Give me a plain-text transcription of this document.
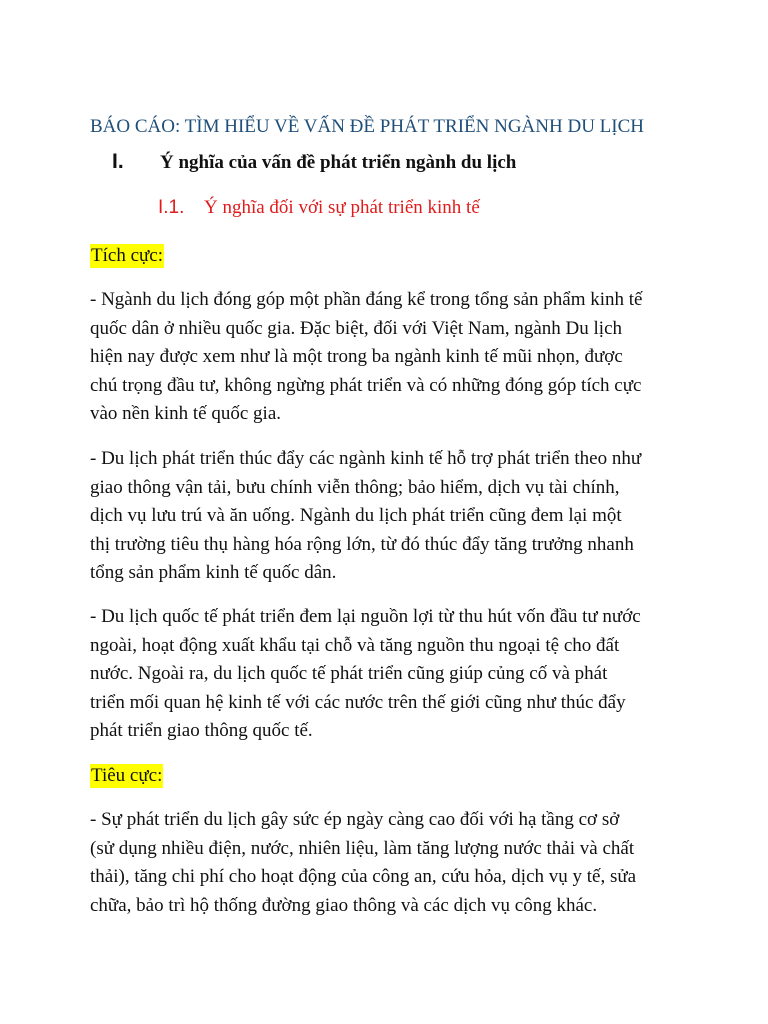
BÁO CÁO: TÌM HIỂU VỀ VẤN ĐỀ PHÁT TRIỂN NGÀNH DU LỊCH
I. Ý nghĩa của vấn đề phát triển ngành du lịch
I.1. Ý nghĩa đối với sự phát triển kinh tế
Tích cực:
- Ngành du lịch đóng góp một phần đáng kể trong tổng sản phẩm kinh tế
quốc dân ở nhiều quốc gia. Đặc biệt, đối với Việt Nam, ngành Du lịch
hiện nay được xem như là một trong ba ngành kinh tế mũi nhọn, được
chú trọng đầu tư, không ngừng phát triển và có những đóng góp tích cực
vào nền kinh tế quốc gia.
- Du lịch phát triển thúc đẩy các ngành kinh tế hỗ trợ phát triển theo như
giao thông vận tải, bưu chính viễn thông; bảo hiểm, dịch vụ tài chính,
dịch vụ lưu trú và ăn uống. Ngành du lịch phát triển cũng đem lại một
thị trường tiêu thụ hàng hóa rộng lớn, từ đó thúc đẩy tăng trưởng nhanh
tổng sản phẩm kinh tế quốc dân.
- Du lịch quốc tế phát triển đem lại nguồn lợi từ thu hút vốn đầu tư nước
ngoài, hoạt động xuất khẩu tại chỗ và tăng nguồn thu ngoại tệ cho đất
nước. Ngoài ra, du lịch quốc tế phát triển cũng giúp củng cố và phát
triển mối quan hệ kinh tế với các nước trên thế giới cũng như thúc đẩy
phát triển giao thông quốc tế.
Tiêu cực:
- Sự phát triển du lịch gây sức ép ngày càng cao đối với hạ tầng cơ sở
(sử dụng nhiều điện, nước, nhiên liệu, làm tăng lượng nước thải và chất
thải), tăng chi phí cho hoạt động của công an, cứu hỏa, dịch vụ y tế, sửa
chữa, bảo trì hộ thống đường giao thông và các dịch vụ công khác.
